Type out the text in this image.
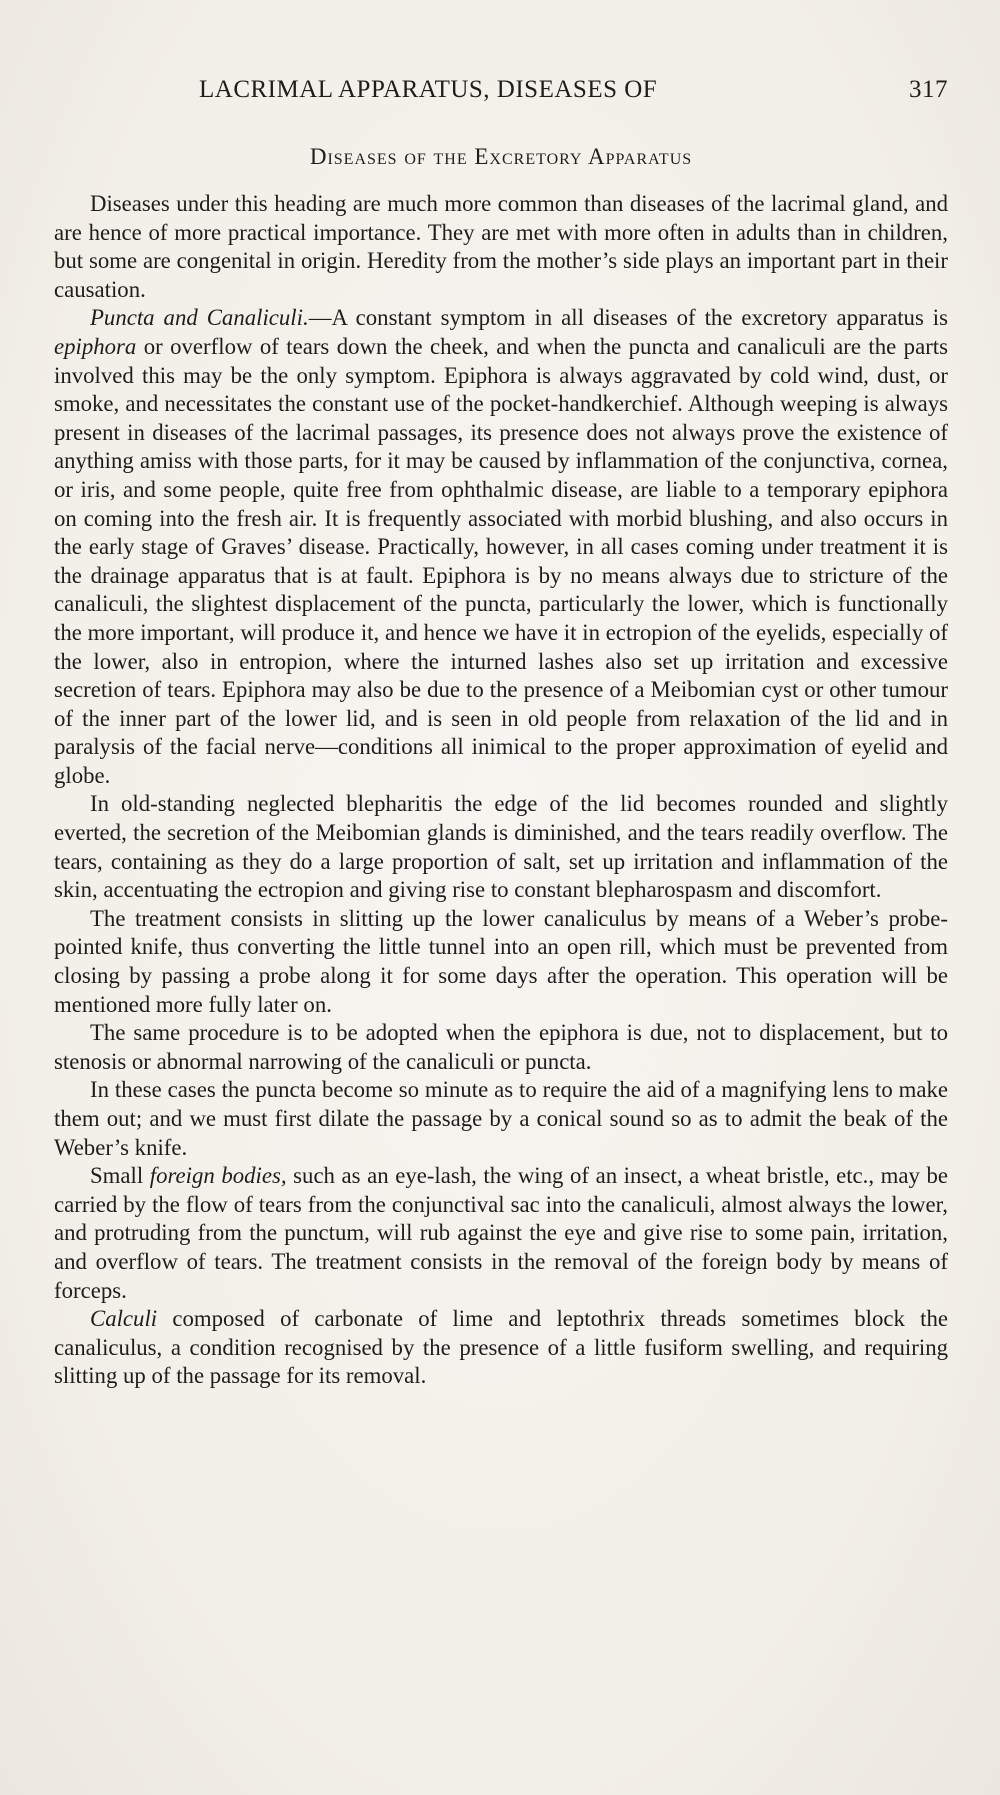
LACRIMAL APPARATUS, DISEASES OF	317
Diseases of the Excretory Apparatus

Diseases under this heading are much more common than diseases of the lacrimal gland, and are hence of more practical importance. They are met with more often in adults than in children, but some are congenital in origin. Heredity from the mother’s side plays an important part in their causation.

Puncta and Canaliculi.—A constant symptom in all diseases of the excretory apparatus is epiphora or overflow of tears down the cheek, and when the puncta and canaliculi are the parts involved this may be the only symptom. Epiphora is always aggravated by cold wind, dust, or smoke, and necessitates the constant use of the pocket-handkerchief. Although weeping is always present in diseases of the lacrimal passages, its presence does not always prove the existence of anything amiss with those parts, for it may be caused by inflammation of the conjunctiva, cornea, or iris, and some people, quite free from ophthalmic disease, are liable to a temporary epiphora on coming into the fresh air. It is frequently associated with morbid blushing, and also occurs in the early stage of Graves’ disease. Practically, however, in all cases coming under treatment it is the drainage apparatus that is at fault. Epiphora is by no means always due to stricture of the canaliculi, the slightest displacement of the puncta, particularly the lower, which is functionally the more important, will produce it, and hence we have it in ectropion of the eyelids, especially of the lower, also in entropion, where the inturned lashes also set up irritation and excessive secretion of tears. Epiphora may also be due to the presence of a Meibomian cyst or other tumour of the inner part of the lower lid, and is seen in old people from relaxation of the lid and in paralysis of the facial nerve—conditions all inimical to the proper approximation of eyelid and globe.

In old-standing neglected blepharitis the edge of the lid becomes rounded and slightly everted, the secretion of the Meibomian glands is diminished, and the tears readily overflow. The tears, containing as they do a large proportion of salt, set up irritation and inflammation of the skin, accentuating the ectropion and giving rise to constant blepharospasm and discomfort.

The treatment consists in slitting up the lower canaliculus by means of a Weber’s probe-pointed knife, thus converting the little tunnel into an open rill, which must be prevented from closing by passing a probe along it for some days after the operation. This operation will be mentioned more fully later on.

The same procedure is to be adopted when the epiphora is due, not to displacement, but to stenosis or abnormal narrowing of the canaliculi or puncta.

In these cases the puncta become so minute as to require the aid of a magnifying lens to make them out; and we must first dilate the passage by a conical sound so as to admit the beak of the Weber’s knife.

Small foreign bodies, such as an eye-lash, the wing of an insect, a wheat bristle, etc., may be carried by the flow of tears from the conjunctival sac into the canaliculi, almost always the lower, and protruding from the punctum, will rub against the eye and give rise to some pain, irritation, and overflow of tears. The treatment consists in the removal of the foreign body by means of forceps.

Calculi composed of carbonate of lime and leptothrix threads sometimes block the canaliculus, a condition recognised by the presence of a little fusiform swelling, and requiring slitting up of the passage for its removal.
